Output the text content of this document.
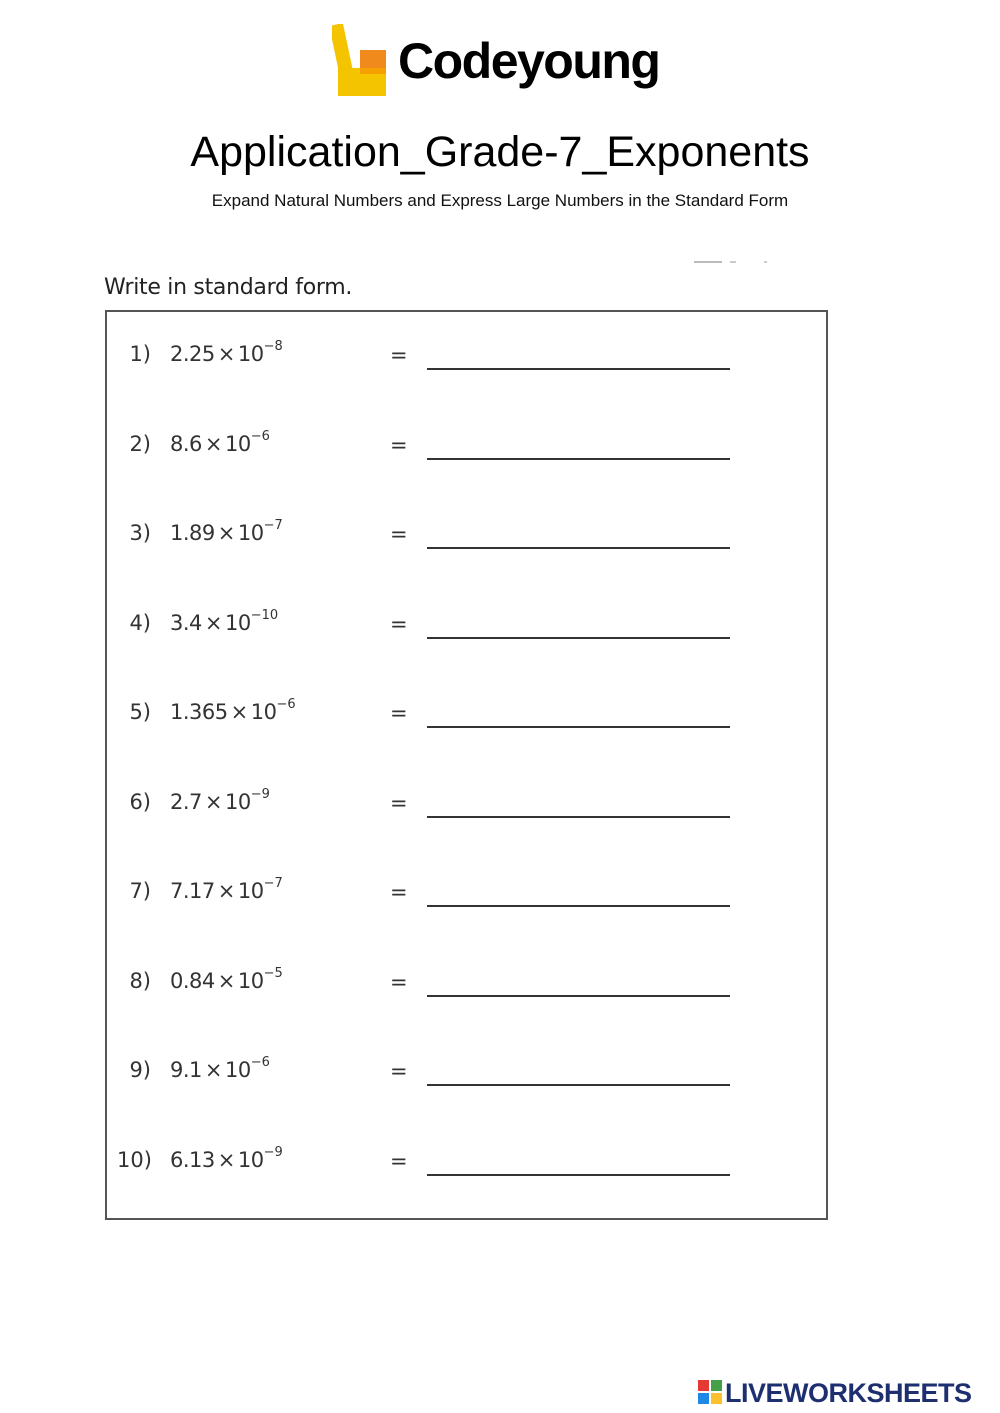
Codeyoung
Application_Grade-7_Exponents
Expand Natural Numbers and Express Large Numbers in the Standard Form
Write in standard form.
1) $2.25 \times 10^{-8}$	=
2) $8.6 \times 10^{-6}$	=
3) $1.89 \times 10^{-7}$	=
4) $3.4 \times 10^{-10}$	=
5) $1.365 \times 10^{-6}$	=
6) $2.7 \times 10^{-9}$	=
7) $7.17 \times 10^{-7}$	=
8) $0.84 \times 10^{-5}$	=
9) $9.1 \times 10^{-6}$	=
10) $6.13 \times 10^{-9}$	=
LIVEWORKSHEETS
